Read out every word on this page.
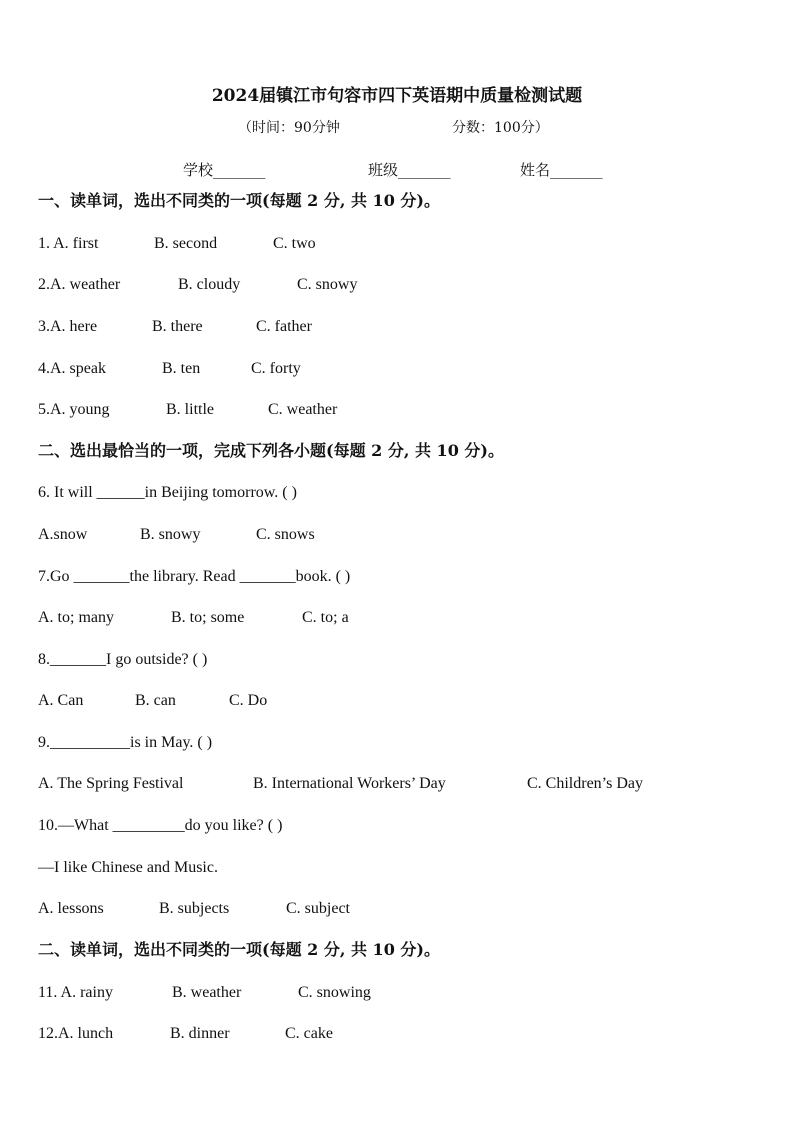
2024届镇江市句容市四下英语期中质量检测试题
（时间：90分钟	分数：100分）
学校_______	班级_______	姓名_______
一、读单词，选出不同类的一项(每题 2 分, 共 10 分)。
1. A. first	B. second	C. two
2.A. weather	B. cloudy	C. snowy
3.A. here	B. there	C. father
4.A. speak	B. ten	C. forty
5.A. young	B. little	C. weather
二、选出最恰当的一项，完成下列各小题(每题 2 分, 共 10 分)。
6. It will ______in Beijing tomorrow. ( )
A.snow	B. snowy	C. snows
7.Go _______the library. Read _______book. ( )
A. to; many	B. to; some	C. to; a
8._______I go outside? ( )
A. Can	B. can	C. Do
9.__________is in May. ( )
A. The Spring Festival	B. International Workers’ Day	C. Children’s Day
10.—What _________do you like? ( )
—I like Chinese and Music.
A. lessons	B. subjects	C. subject
二、读单词，选出不同类的一项(每题 2 分, 共 10 分)。
11. A. rainy	B. weather	C. snowing
12.A. lunch	B. dinner	C. cake
